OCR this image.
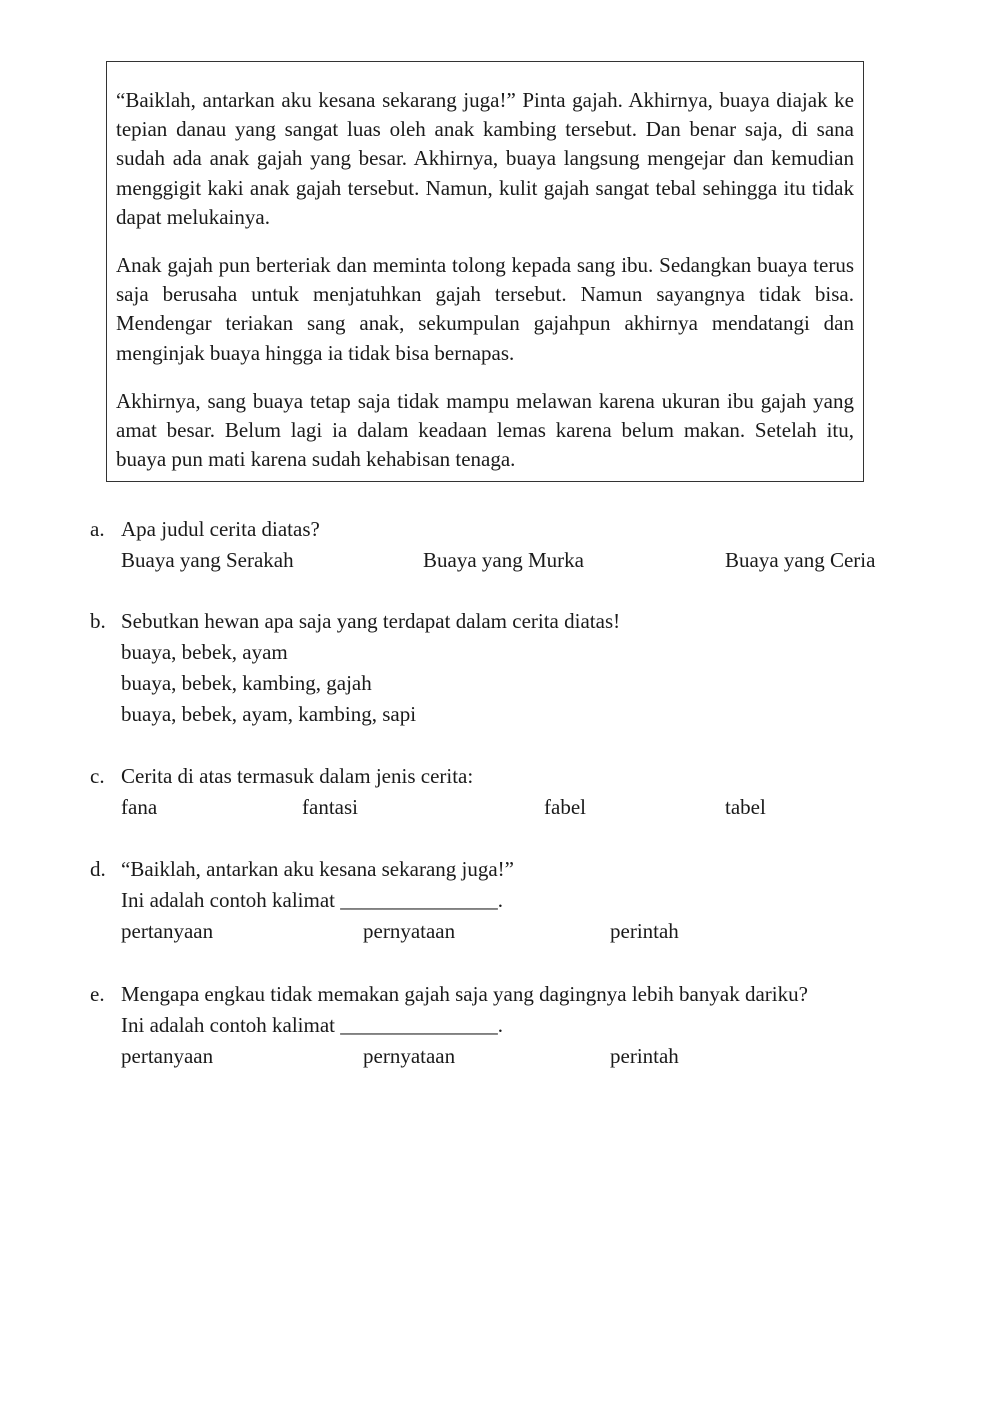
“Baiklah, antarkan aku kesana sekarang juga!” Pinta gajah. Akhirnya, buaya diajak ke tepian danau yang sangat luas oleh anak kambing tersebut. Dan benar saja, di sana sudah ada anak gajah yang besar. Akhirnya, buaya langsung mengejar dan kemudian menggigit kaki anak gajah tersebut. Namun, kulit gajah sangat tebal sehingga itu tidak dapat melukainya.

Anak gajah pun berteriak dan meminta tolong kepada sang ibu. Sedangkan buaya terus saja berusaha untuk menjatuhkan gajah tersebut. Namun sayangnya tidak bisa. Mendengar teriakan sang anak, sekumpulan gajahpun akhirnya mendatangi dan menginjak buaya hingga ia tidak bisa bernapas.

Akhirnya, sang buaya tetap saja tidak mampu melawan karena ukuran ibu gajah yang amat besar. Belum lagi ia dalam keadaan lemas karena belum makan. Setelah itu, buaya pun mati karena sudah kehabisan tenaga.

a. Apa judul cerita diatas?
Buaya yang Serakah	Buaya yang Murka	Buaya yang Ceria
b. Sebutkan hewan apa saja yang terdapat dalam cerita diatas!
buaya, bebek, ayam
buaya, bebek, kambing, gajah
buaya, bebek, ayam, kambing, sapi
c. Cerita di atas termasuk dalam jenis cerita:
fana	fantasi	fabel	tabel
d. “Baiklah, antarkan aku kesana sekarang juga!”
Ini adalah contoh kalimat _______________.
pertanyaan	pernyataan	perintah
e. Mengapa engkau tidak memakan gajah saja yang dagingnya lebih banyak dariku?
Ini adalah contoh kalimat _______________.
pertanyaan	pernyataan	perintah
